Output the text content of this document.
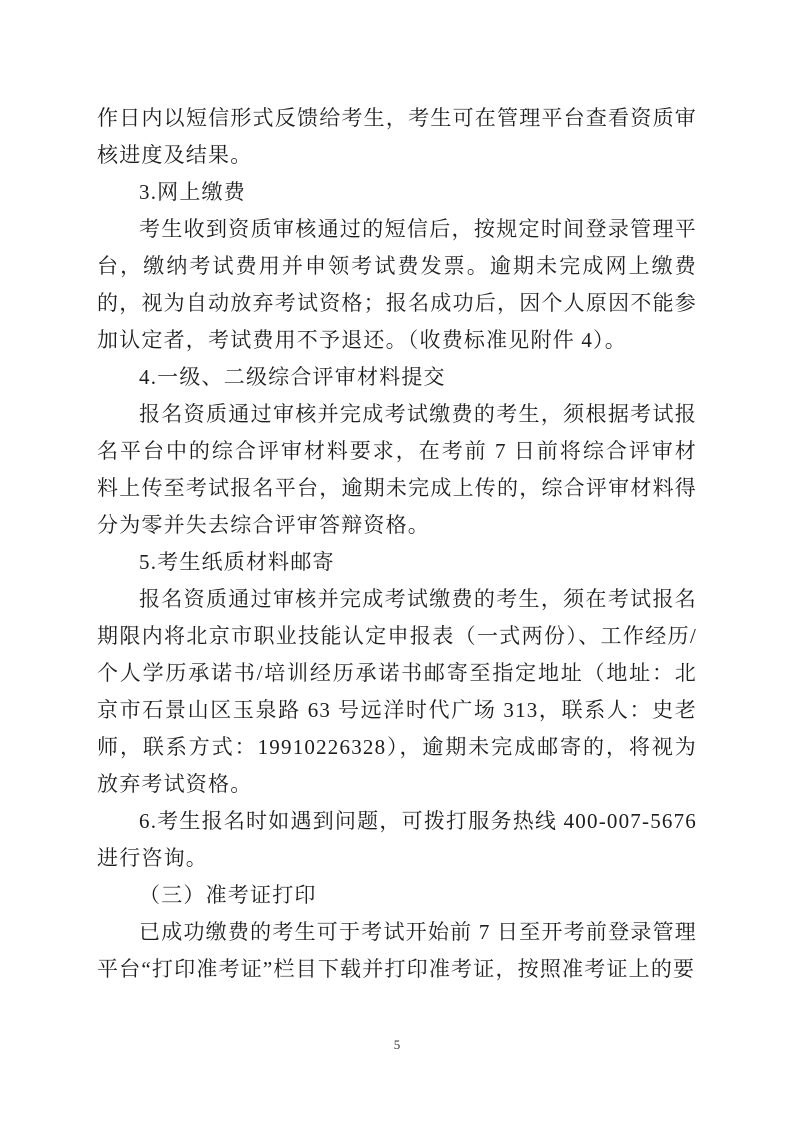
作日内以短信形式反馈给考生，考生可在管理平台查看资质审核进度及结果。

3.网上缴费

考生收到资质审核通过的短信后，按规定时间登录管理平台，缴纳考试费用并申领考试费发票。逾期未完成网上缴费的，视为自动放弃考试资格；报名成功后，因个人原因不能参加认定者，考试费用不予退还。（收费标准见附件 4）。

4.一级、二级综合评审材料提交

报名资质通过审核并完成考试缴费的考生，须根据考试报名平台中的综合评审材料要求，在考前 7 日前将综合评审材料上传至考试报名平台，逾期未完成上传的，综合评审材料得分为零并失去综合评审答辩资格。

5.考生纸质材料邮寄

报名资质通过审核并完成考试缴费的考生，须在考试报名期限内将北京市职业技能认定申报表（一式两份）、工作经历/个人学历承诺书/培训经历承诺书邮寄至指定地址（地址：北京市石景山区玉泉路 63 号远洋时代广场 313，联系人：史老师，联系方式：19910226328），逾期未完成邮寄的，将视为放弃考试资格。

6.考生报名时如遇到问题，可拨打服务热线 400-007-5676 进行咨询。

（三）准考证打印

已成功缴费的考生可于考试开始前 7 日至开考前登录管理平台“打印准考证”栏目下载并打印准考证，按照准考证上的要

5
